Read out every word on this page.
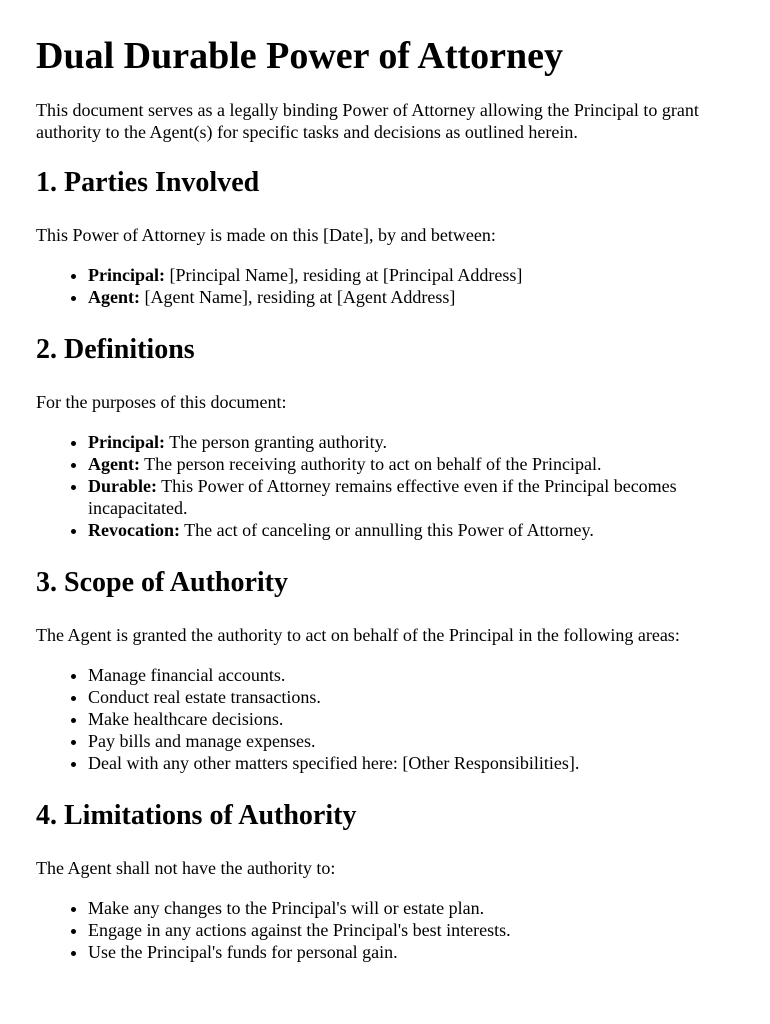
Dual Durable Power of Attorney

This document serves as a legally binding Power of Attorney allowing the Principal to grant authority to the Agent(s) for specific tasks and decisions as outlined herein.

1. Parties Involved

This Power of Attorney is made on this [Date], by and between:

• Principal: [Principal Name], residing at [Principal Address]
• Agent: [Agent Name], residing at [Agent Address]
2. Definitions

For the purposes of this document:

• Principal: The person granting authority.
• Agent: The person receiving authority to act on behalf of the Principal.
• Durable: This Power of Attorney remains effective even if the Principal becomes incapacitated.
• Revocation: The act of canceling or annulling this Power of Attorney.
3. Scope of Authority

The Agent is granted the authority to act on behalf of the Principal in the following areas:

• Manage financial accounts.
• Conduct real estate transactions.
• Make healthcare decisions.
• Pay bills and manage expenses.
• Deal with any other matters specified here: [Other Responsibilities].
4. Limitations of Authority

The Agent shall not have the authority to:

• Make any changes to the Principal's will or estate plan.
• Engage in any actions against the Principal's best interests.
• Use the Principal's funds for personal gain.
